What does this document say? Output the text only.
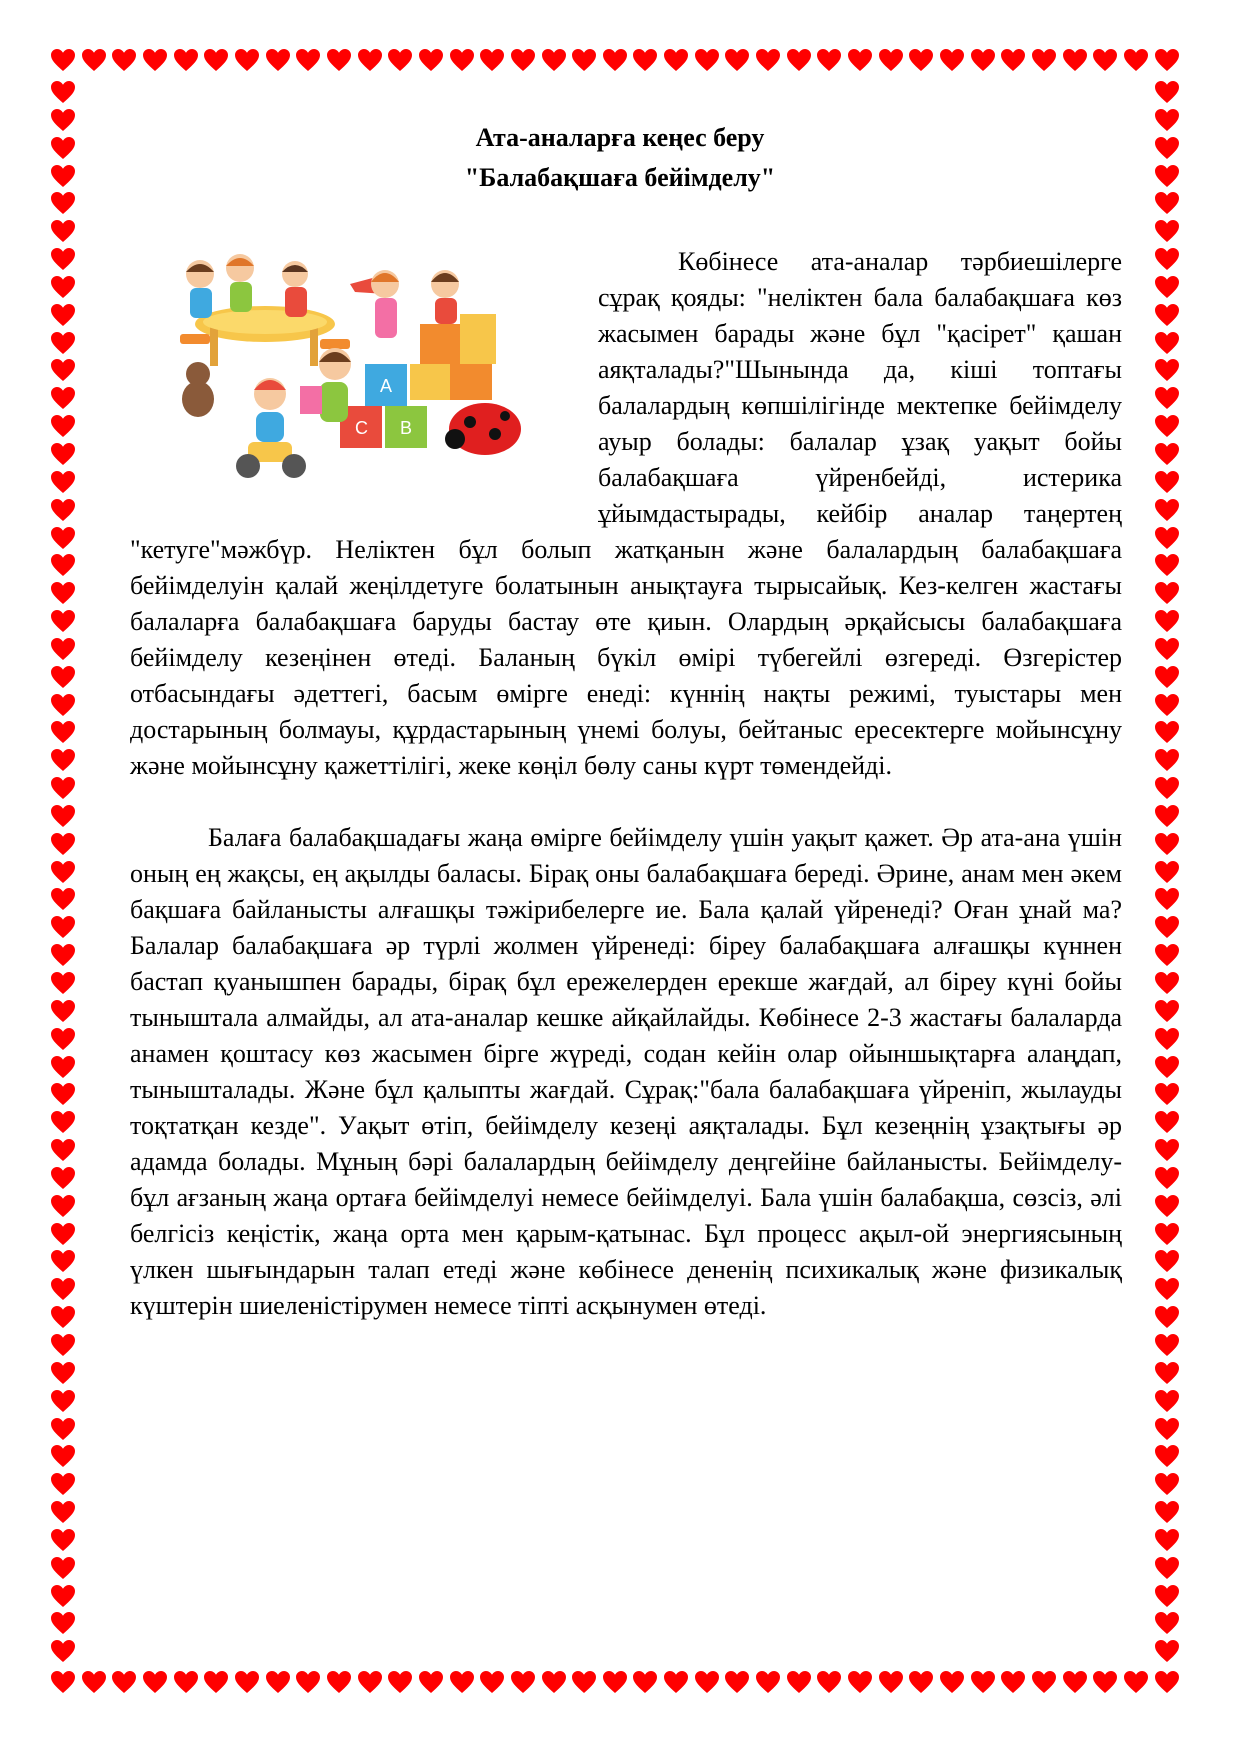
Ата-аналарға кеңес беру
"Балабақшаға бейімделу"
A
B
C

Көбінесе ата-аналар тәрбиешілерге сұрақ қояды: "неліктен бала балабақшаға көз жасымен барады және бұл "қасірет" қашан аяқталады?"Шынында да, кіші топтағы балалардың көпшілігінде мектепке бейімделу ауыр болады: балалар ұзақ уақыт бойы балабақшаға үйренбейді, истерика ұйымдастырады, кейбір аналар таңертең "кетуге"мәжбүр. Неліктен бұл болып жатқанын және балалардың балабақшаға бейімделуін қалай жеңілдетуге болатынын анықтауға тырысайық. Кез-келген жастағы балаларға балабақшаға баруды бастау өте қиын. Олардың әрқайсысы балабақшаға бейімделу кезеңінен өтеді. Баланың бүкіл өмірі түбегейлі өзгереді. Өзгерістер отбасындағы әдеттегі, басым өмірге енеді: күннің нақты режимі, туыстары мен достарының болмауы, құрдастарының үнемі болуы, бейтаныс ересектерге мойынсұну және мойынсұну қажеттілігі, жеке көңіл бөлу саны күрт төмендейді.

Балаға балабақшадағы жаңа өмірге бейімделу үшін уақыт қажет. Әр ата-ана үшін оның ең жақсы, ең ақылды баласы. Бірақ оны балабақшаға береді. Әрине, анам мен әкем бақшаға байланысты алғашқы тәжірибелерге ие. Бала қалай үйренеді? Оған ұнай ма? Балалар балабақшаға әр түрлі жолмен үйренеді: біреу балабақшаға алғашқы күннен бастап қуанышпен барады, бірақ бұл ережелерден ерекше жағдай, ал біреу күні бойы тыныштала алмайды, ал ата-аналар кешке айқайлайды. Көбінесе 2-3 жастағы балаларда анамен қоштасу көз жасымен бірге жүреді, содан кейін олар ойыншықтарға алаңдап, тынышталады. Және бұл қалыпты жағдай. Сұрақ:"бала балабақшаға үйреніп, жылауды тоқтатқан кезде". Уақыт өтіп, бейімделу кезеңі аяқталады. Бұл кезеңнің ұзақтығы әр адамда болады. Мұның бәрі балалардың бейімделу деңгейіне байланысты. Бейімделу-бұл ағзаның жаңа ортаға бейімделуі немесе бейімделуі. Бала үшін балабақша, сөзсіз, әлі белгісіз кеңістік, жаңа орта мен қарым-қатынас. Бұл процесс ақыл-ой энергиясының үлкен шығындарын талап етеді және көбінесе дененің психикалық және физикалық күштерін шиеленістірумен немесе тіпті асқынумен өтеді.
